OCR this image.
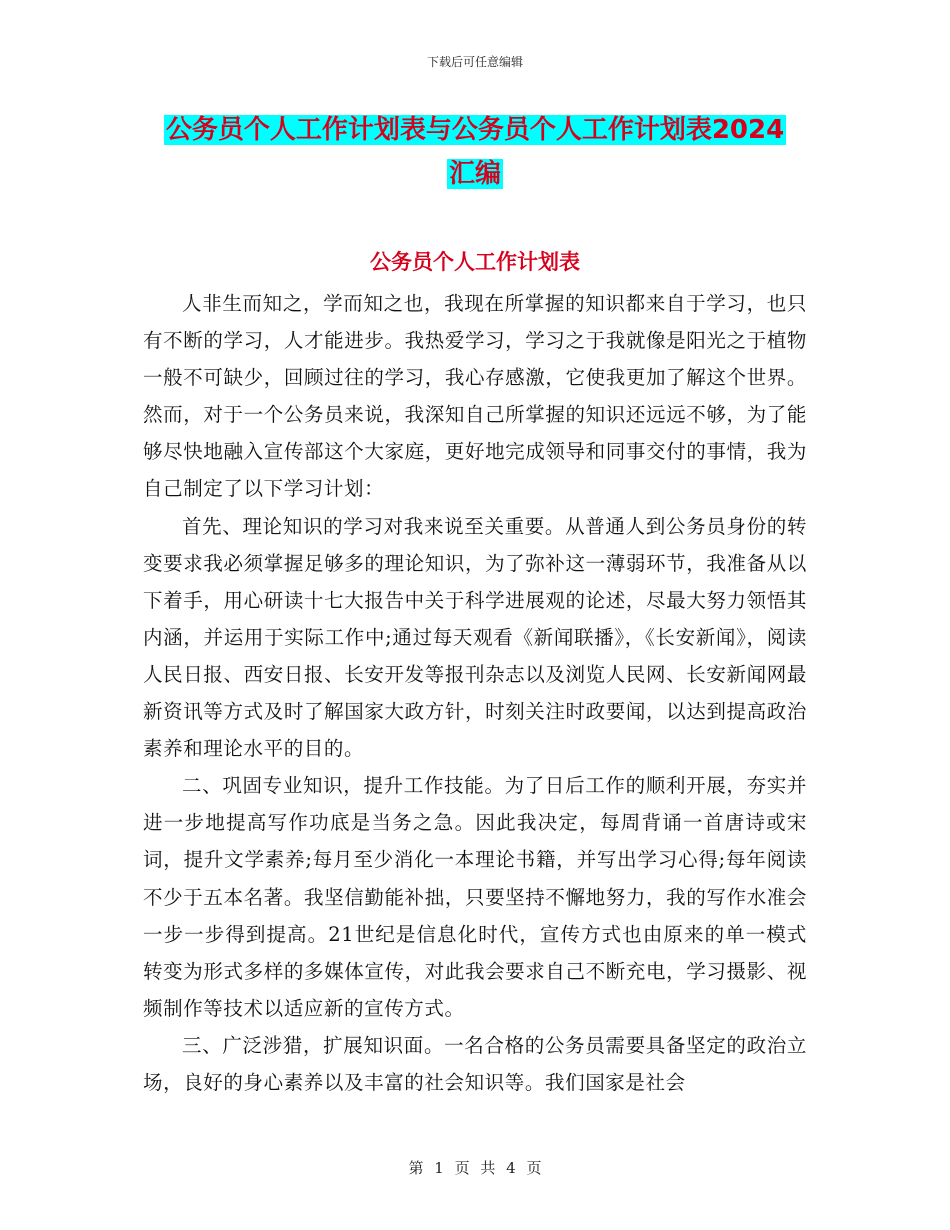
下载后可任意编辑
公务员个人工作计划表与公务员个人工作计划表2024
汇编
公务员个人工作计划表

人非生而知之，学而知之也，我现在所掌握的知识都来自于学习，也只有不断的学习，人才能进步。我热爱学习，学习之于我就像是阳光之于植物一般不可缺少，回顾过往的学习，我心存感激，它使我更加了解这个世界。然而，对于一个公务员来说，我深知自己所掌握的知识还远远不够，为了能够尽快地融入宣传部这个大家庭，更好地完成领导和同事交付的事情，我为自己制定了以下学习计划：

首先、理论知识的学习对我来说至关重要。从普通人到公务员身份的转变要求我必须掌握足够多的理论知识，为了弥补这一薄弱环节，我准备从以下着手，用心研读十七大报告中关于科学进展观的论述，尽最大努力领悟其内涵，并运用于实际工作中;通过每天观看《新闻联播》，《长安新闻》，阅读人民日报、西安日报、长安开发等报刊杂志以及浏览人民网、长安新闻网最新资讯等方式及时了解国家大政方针，时刻关注时政要闻，以达到提高政治素养和理论水平的目的。

二、巩固专业知识，提升工作技能。为了日后工作的顺利开展，夯实并进一步地提高写作功底是当务之急。因此我决定，每周背诵一首唐诗或宋词，提升文学素养;每月至少消化一本理论书籍，并写出学习心得;每年阅读不少于五本名著。我坚信勤能补拙，只要坚持不懈地努力，我的写作水准会一步一步得到提高。21世纪是信息化时代，宣传方式也由原来的单一模式转变为形式多样的多媒体宣传，对此我会要求自己不断充电，学习摄影、视频制作等技术以适应新的宣传方式。

三、广泛涉猎，扩展知识面。一名合格的公务员需要具备坚定的政治立场，良好的身心素养以及丰富的社会知识等。我们国家是社会

第 1 页 共 4 页
